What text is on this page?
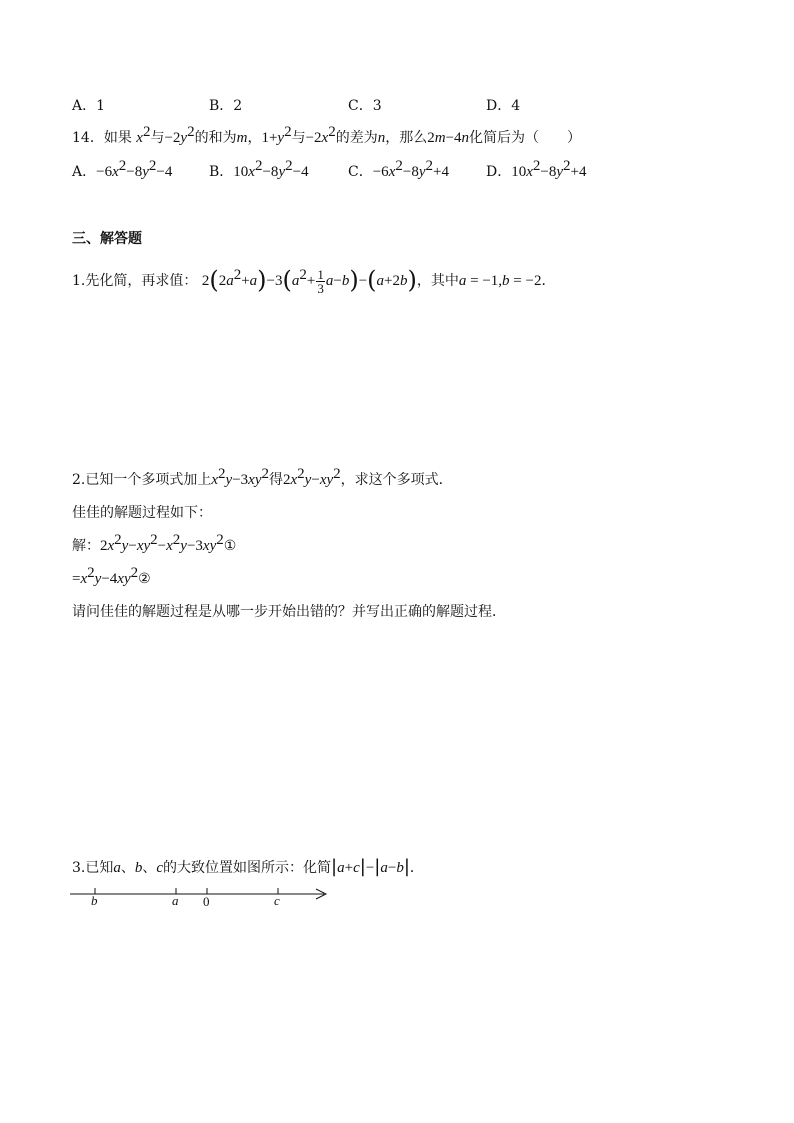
A．1	B．2	C．3	D．4
14．如果 $x^2$与$-2y^2$的和为m，$1+y^2$与$-2x^2$的差为n，那么2m−4n化简后为（　　）
A．$-6x^2-8y^2-4$	B．$10x^2-8y^2-4$	C．$-6x^2-8y^2+4$	D．$10x^2-8y^2+4$
三、解答题
1.先化简，再求值： $2(2a^2+a)-3(a^2+ \frac{1}{3} a-b)-(a+2b)$，其中a = −1,b = −2．
2.已知一个多项式加上$x^2y-3xy^2$得$2x^2y-xy^2$，求这个多项式．
佳佳的解题过程如下：
解：$2x^2y-xy^2-x^2y-3xy^2①$
$=x^2y-4xy^2②$
请问佳佳的解题过程是从哪一步开始出错的？并写出正确的解题过程．
3.已知a、b、c的大致位置如图所示：化简|a+c|−|a−b|．
b	a 0	c
